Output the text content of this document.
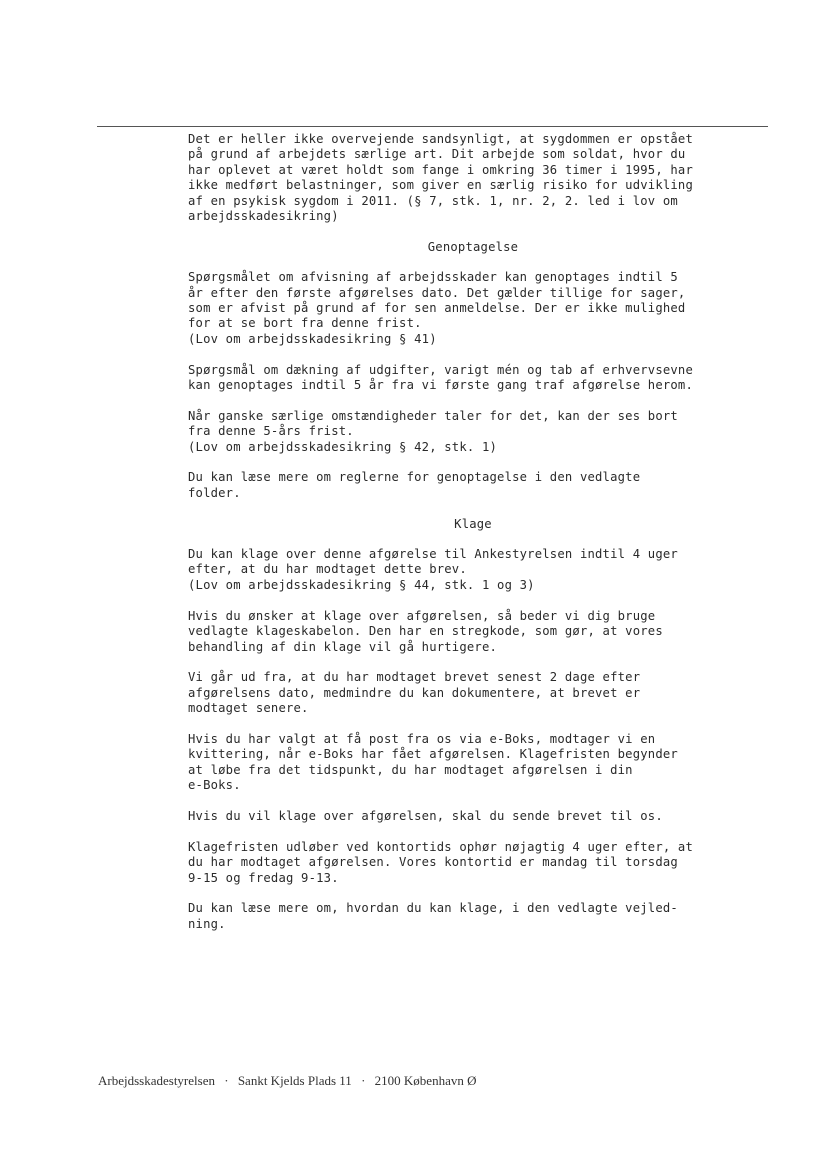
Det er heller ikke overvejende sandsynligt, at sygdommen er opstået
på grund af arbejdets særlige art. Dit arbejde som soldat, hvor du
har oplevet at været holdt som fange i omkring 36 timer i 1995, har
ikke medført belastninger, som giver en særlig risiko for udvikling
af en psykisk sygdom i 2011. (§ 7, stk. 1, nr. 2, 2. led i lov om
arbejdsskadesikring)

Genoptagelse

Spørgsmålet om afvisning af arbejdsskader kan genoptages indtil 5
år efter den første afgørelses dato. Det gælder tillige for sager,
som er afvist på grund af for sen anmeldelse. Der er ikke mulighed
for at se bort fra denne frist.
(Lov om arbejdsskadesikring § 41)

Spørgsmål om dækning af udgifter, varigt mén og tab af erhvervsevne
kan genoptages indtil 5 år fra vi første gang traf afgørelse herom.

Når ganske særlige omstændigheder taler for det, kan der ses bort
fra denne 5-års frist.
(Lov om arbejdsskadesikring § 42, stk. 1)

Du kan læse mere om reglerne for genoptagelse i den vedlagte
folder.

Klage

Du kan klage over denne afgørelse til Ankestyrelsen indtil 4 uger
efter, at du har modtaget dette brev.
(Lov om arbejdsskadesikring § 44, stk. 1 og 3)

Hvis du ønsker at klage over afgørelsen, så beder vi dig bruge
vedlagte klageskabelon. Den har en stregkode, som gør, at vores
behandling af din klage vil gå hurtigere.

Vi går ud fra, at du har modtaget brevet senest 2 dage efter
afgørelsens dato, medmindre du kan dokumentere, at brevet er
modtaget senere.

Hvis du har valgt at få post fra os via e-Boks, modtager vi en
kvittering, når e-Boks har fået afgørelsen. Klagefristen begynder
at løbe fra det tidspunkt, du har modtaget afgørelsen i din
e-Boks.

Hvis du vil klage over afgørelsen, skal du sende brevet til os.

Klagefristen udløber ved kontortids ophør nøjagtig 4 uger efter, at
du har modtaget afgørelsen. Vores kontortid er mandag til torsdag
9-15 og fredag 9-13.

Du kan læse mere om, hvordan du kan klage, i den vedlagte vejled-
ning.

Arbejdsskadestyrelsen · Sankt Kjelds Plads 11 · 2100 København Ø
